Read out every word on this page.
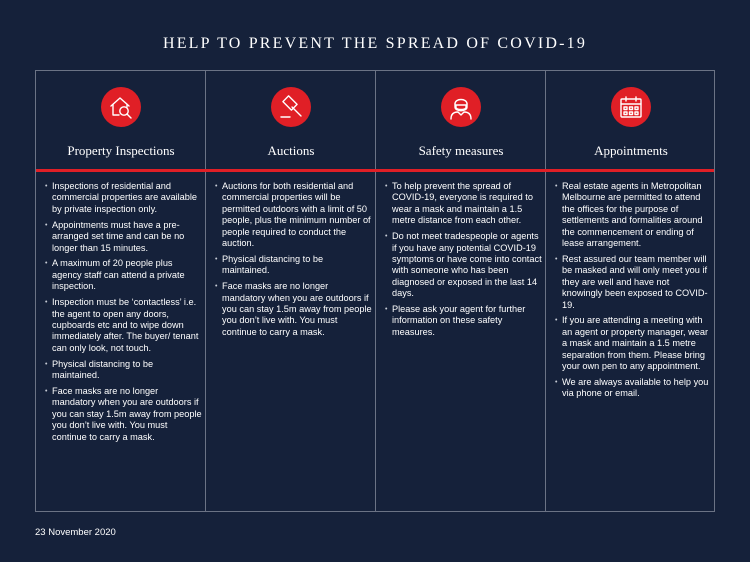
HELP TO PREVENT THE SPREAD OF COVID-19
Property Inspections
• Inspections of residential and commercial properties are available by private inspection only.
• Appointments must have a pre-arranged set time and can be no longer than 15 minutes.
• A maximum of 20 people plus agency staff can attend a private inspection.
• Inspection must be ‘contactless’ i.e. the agent to open any doors, cupboards etc and to wipe down immediately after. The buyer/ tenant can only look, not touch.
• Physical distancing to be maintained.
• Face masks are no longer mandatory when you are outdoors if you can stay 1.5m away from people you don’t live with. You must continue to carry a mask.
Auctions
• Auctions for both residential and commercial properties will be permitted outdoors with a limit of 50 people, plus the minimum number of people required to conduct the auction.
• Physical distancing to be maintained.
• Face masks are no longer mandatory when you are outdoors if you can stay 1.5m away from people you don’t live with. You must continue to carry a mask.
Safety measures
• To help prevent the spread of COVID-19, everyone is required to wear a mask and maintain a 1.5 metre distance from each other.
• Do not meet tradespeople or agents if you have any potential COVID-19 symptoms or have come into contact with someone who has been diagnosed or exposed in the last 14 days.
• Please ask your agent for further information on these safety measures.
Appointments
• Real estate agents in Metropolitan Melbourne are permitted to attend the offices for the purpose of settlements and formalities around the commencement or ending of lease arrangement.
• Rest assured our team member will be masked and will only meet you if they are well and have not knowingly been exposed to COVID-19.
• If you are attending a meeting with an agent or property manager, wear a mask and maintain a 1.5 metre separation from them. Please bring your own pen to any appointment.
• We are always available to help you via phone or email.
23 November 2020
